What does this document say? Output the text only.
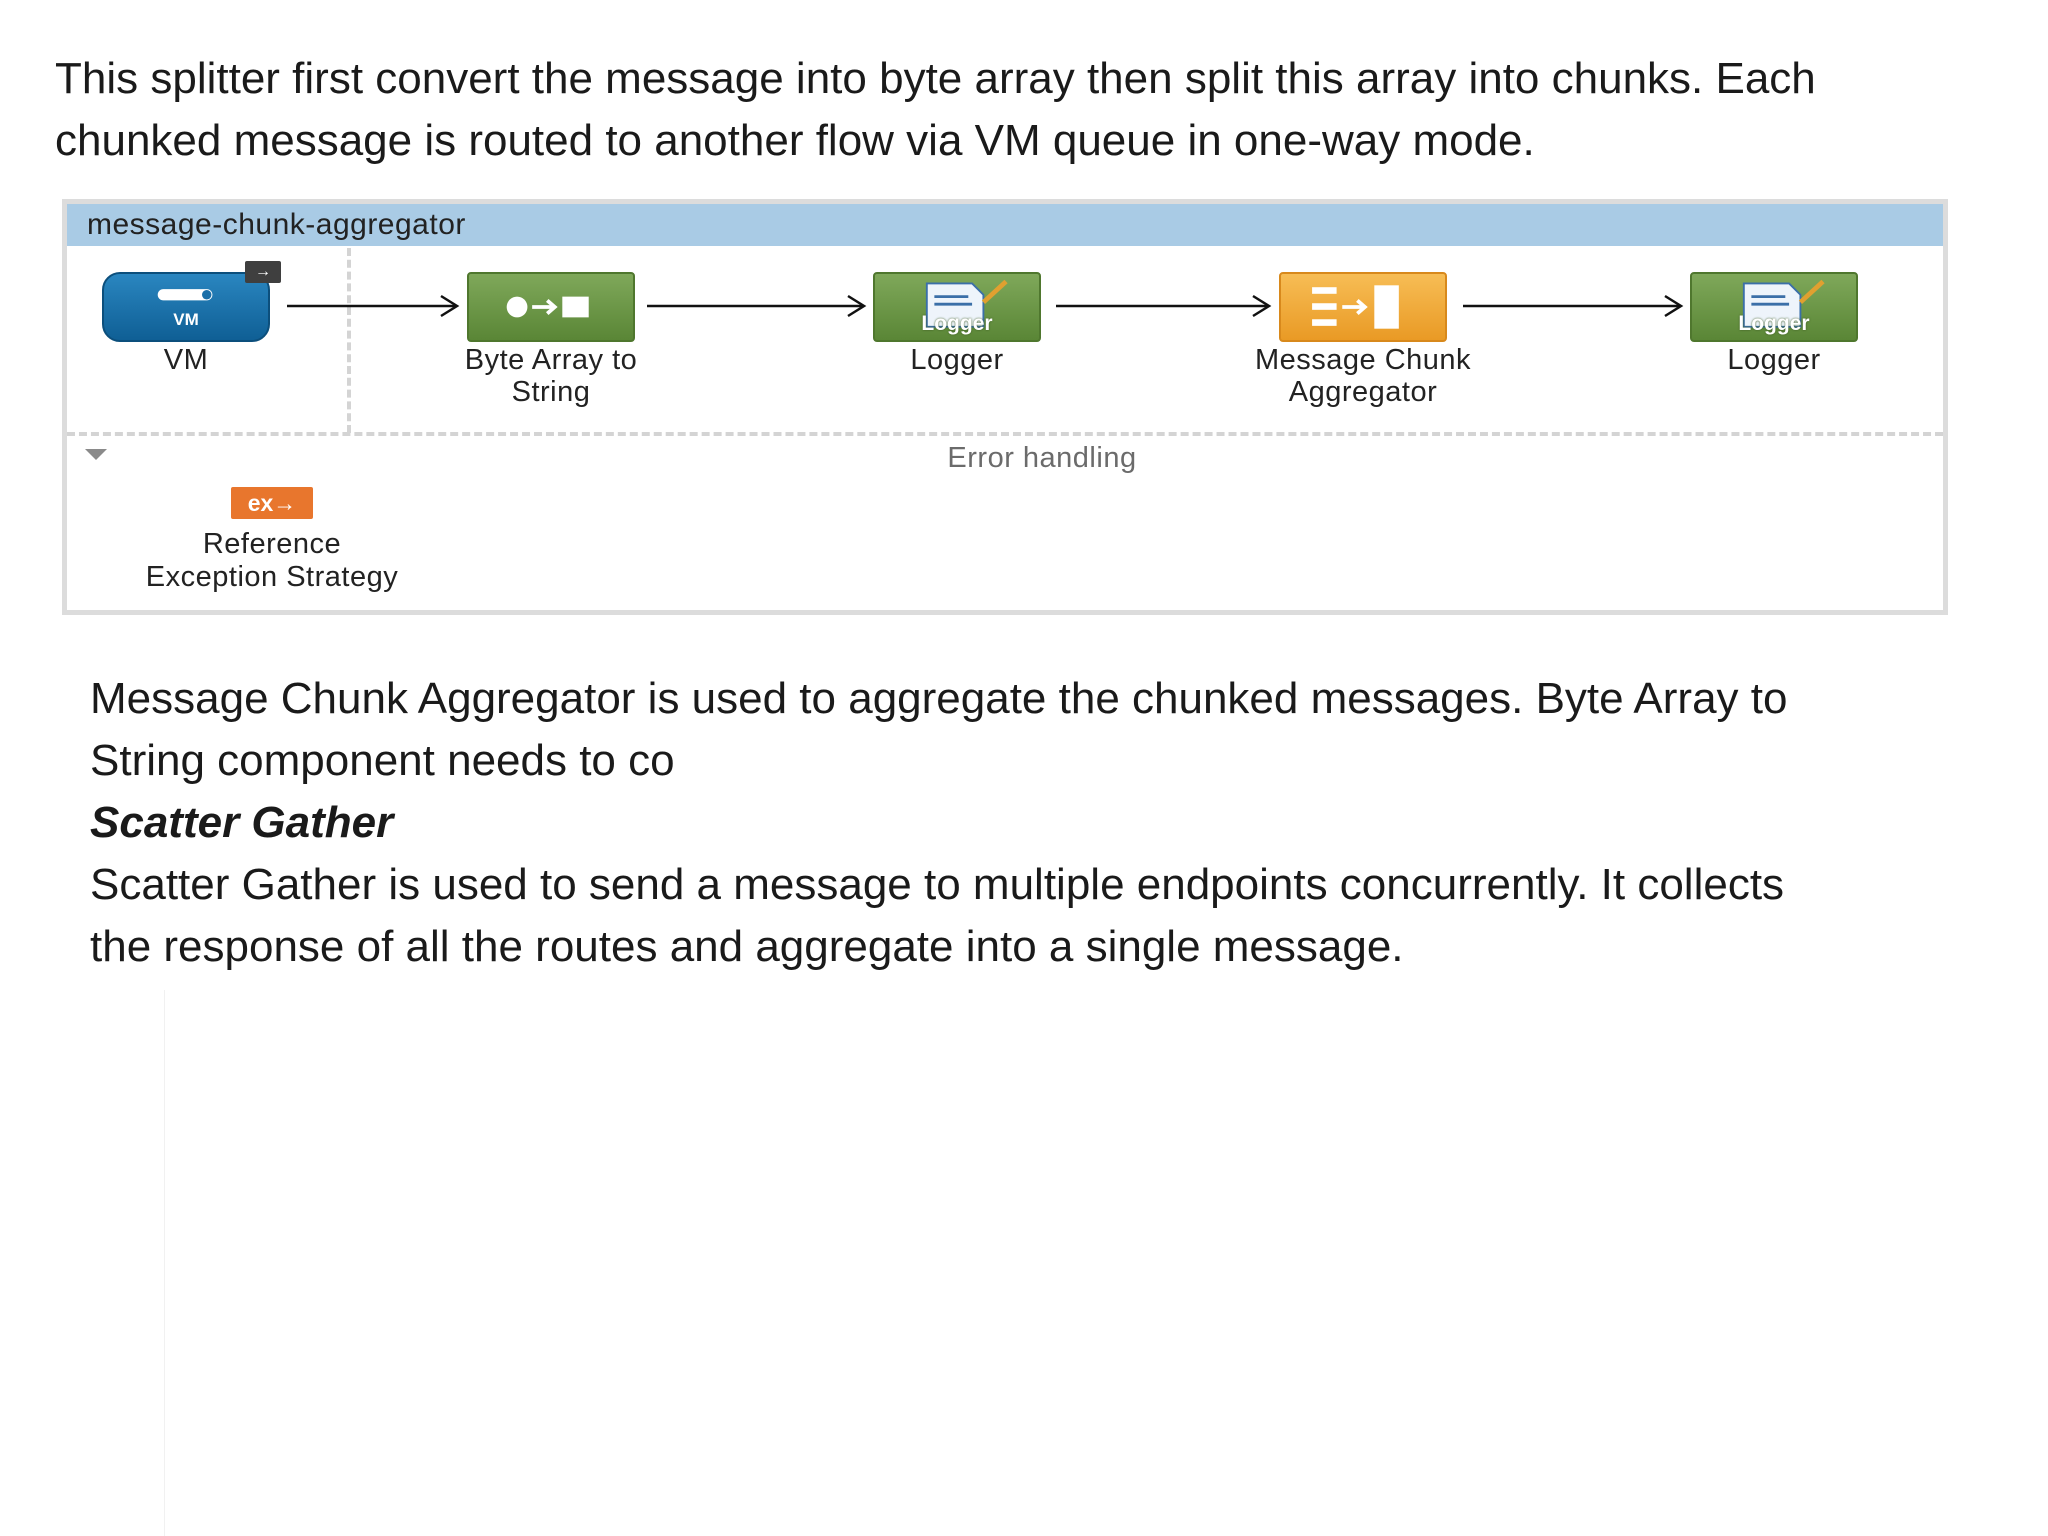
This splitter first convert the message into byte array then split this array into chunks. Each
chunked message is routed to another flow via VM queue in one-way mode.
message-chunk-aggregator
VM
→
VM	Byte Array to
String
Logger
Logger	Message Chunk
Aggregator
Logger
Logger
Error handling
ex→
Reference
Exception Strategy
Message Chunk Aggregator is used to aggregate the chunked messages. Byte Array to
String component needs to co
Scatter Gather
Scatter Gather is used to send a message to multiple endpoints concurrently. It collects
the response of all the routes and aggregate into a single message.
